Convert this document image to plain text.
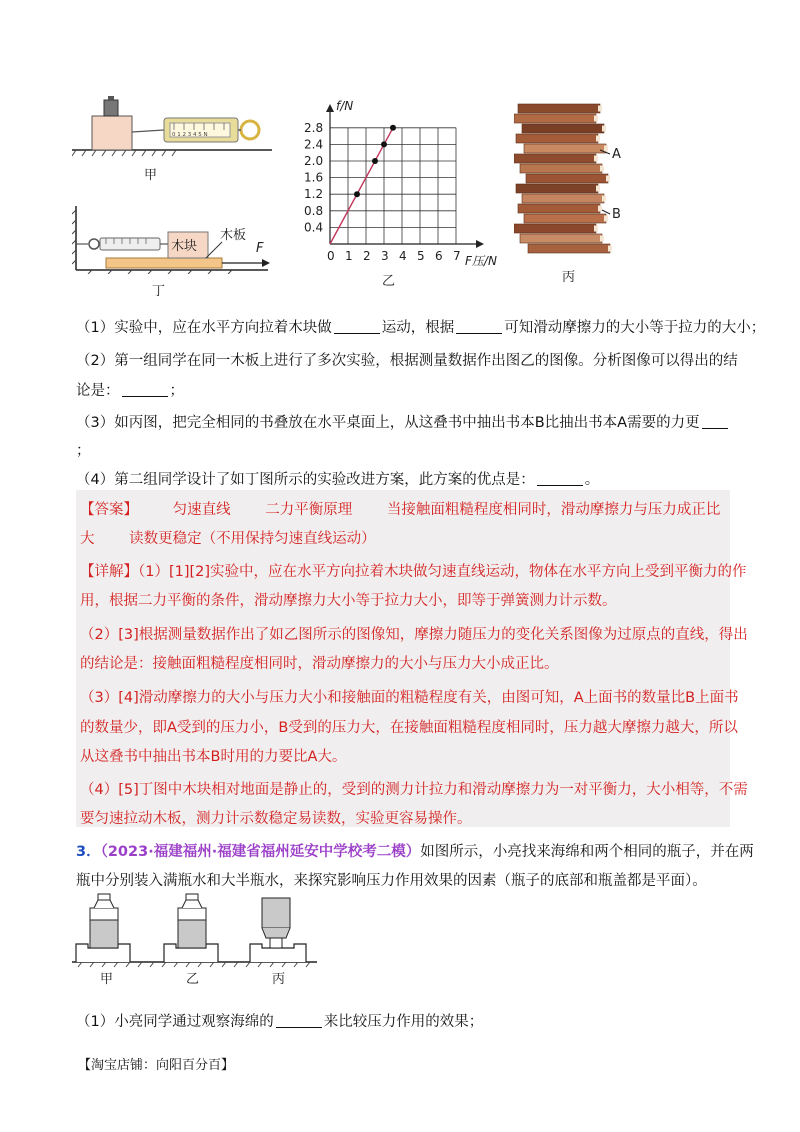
0 1 2 3 4 5 N
甲
木块
木板
F
丁
0 1 2 3 4 5 6 7
0.4
0.8
1.2
1.6
2.0
2.4
2.8
f/N
F压/N
乙
A
B
丙
（1）实验中，应在水平方向拉着木块做	运动，根据	可知滑动摩擦力的大小等于拉力的大小；
（2）第一组同学在同一木板上进行了多次实验，根据测量数据作出图乙的图像。分析图像可以得出的结
论是：	；
（3）如丙图，把完全相同的书叠放在水平桌面上，从这叠书中抽出书本B比抽出书本A需要的力更
；
（4）第二组同学设计了如丁图所示的实验改进方案，此方案的优点是：	。
【答案】 匀速直线 二力平衡原理 当接触面粗糙程度相同时，滑动摩擦力与压力成正比
大 读数更稳定（不用保持匀速直线运动）
【详解】（1）[1][2]实验中，应在水平方向拉着木块做匀速直线运动，物体在水平方向上受到平衡力的作
用，根据二力平衡的条件，滑动摩擦力大小等于拉力大小，即等于弹簧测力计示数。
（2）[3]根据测量数据作出了如乙图所示的图像知，摩擦力随压力的变化关系图像为过原点的直线，得出
的结论是：接触面粗糙程度相同时，滑动摩擦力的大小与压力大小成正比。
（3）[4]滑动摩擦力的大小与压力大小和接触面的粗糙程度有关，由图可知，A上面书的数量比B上面书
的数量少，即A受到的压力小，B受到的压力大，在接触面粗糙程度相同时，压力越大摩擦力越大，所以
从这叠书中抽出书本B时用的力要比A大。
（4）[5]丁图中木块相对地面是静止的，受到的测力计拉力和滑动摩擦力为一对平衡力，大小相等，不需
要匀速拉动木板，测力计示数稳定易读数，实验更容易操作。
3．（2023·福建福州·福建省福州延安中学校考二模）如图所示，小亮找来海绵和两个相同的瓶子，并在两
瓶中分别装入满瓶水和大半瓶水，来探究影响压力作用效果的因素（瓶子的底部和瓶盖都是平面）。
甲	乙	丙
（1）小亮同学通过观察海绵的	来比较压力作用的效果；
【淘宝店铺：向阳百分百】
